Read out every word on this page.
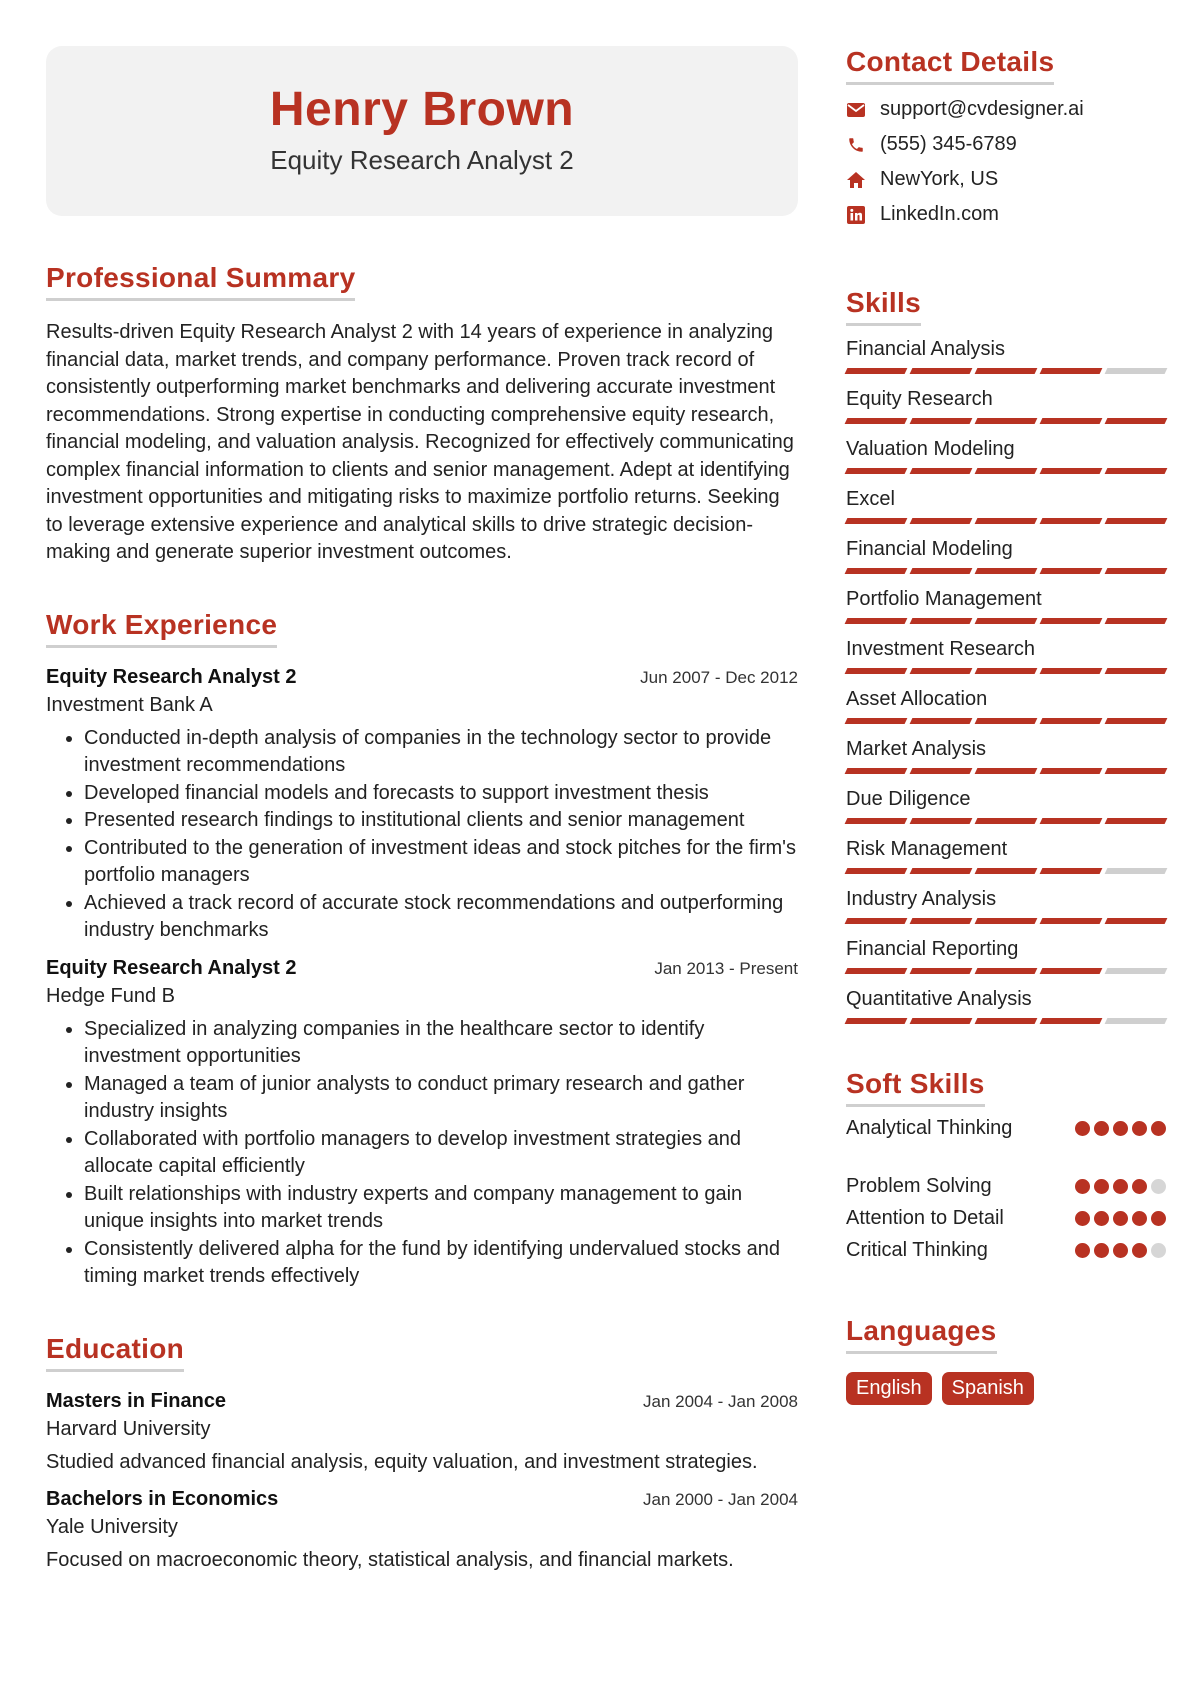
Henry Brown
Equity Research Analyst 2
Professional Summary

Results-driven Equity Research Analyst 2 with 14 years of experience in analyzing financial data, market trends, and company performance. Proven track record of consistently outperforming market benchmarks and delivering accurate investment recommendations. Strong expertise in conducting comprehensive equity research, financial modeling, and valuation analysis. Recognized for effectively communicating complex financial information to clients and senior management. Adept at identifying investment opportunities and mitigating risks to maximize portfolio returns. Seeking to leverage extensive experience and analytical skills to drive strategic decision-making and generate superior investment outcomes.

Work Experience
Equity Research Analyst 2	Jun 2007 - Dec 2012
Investment Bank A
• Conducted in-depth analysis of companies in the technology sector to provide investment recommendations
• Developed financial models and forecasts to support investment thesis
• Presented research findings to institutional clients and senior management
• Contributed to the generation of investment ideas and stock pitches for the firm's portfolio managers
• Achieved a track record of accurate stock recommendations and outperforming industry benchmarks
Equity Research Analyst 2	Jan 2013 - Present
Hedge Fund B
• Specialized in analyzing companies in the healthcare sector to identify investment opportunities
• Managed a team of junior analysts to conduct primary research and gather industry insights
• Collaborated with portfolio managers to develop investment strategies and allocate capital efficiently
• Built relationships with industry experts and company management to gain unique insights into market trends
• Consistently delivered alpha for the fund by identifying undervalued stocks and timing market trends effectively
Education
Masters in Finance	Jan 2004 - Jan 2008
Harvard University
Studied advanced financial analysis, equity valuation, and investment strategies.
Bachelors in Economics	Jan 2000 - Jan 2004
Yale University
Focused on macroeconomic theory, statistical analysis, and financial markets.
Contact Details
support@cvdesigner.ai
(555) 345-6789
NewYork, US
LinkedIn.com
Skills
Financial Analysis
Equity Research
Valuation Modeling
Excel
Financial Modeling
Portfolio Management
Investment Research
Asset Allocation
Market Analysis
Due Diligence
Risk Management
Industry Analysis
Financial Reporting
Quantitative Analysis
Soft Skills
Analytical Thinking
Problem Solving
Attention to Detail
Critical Thinking
Languages
English	Spanish
